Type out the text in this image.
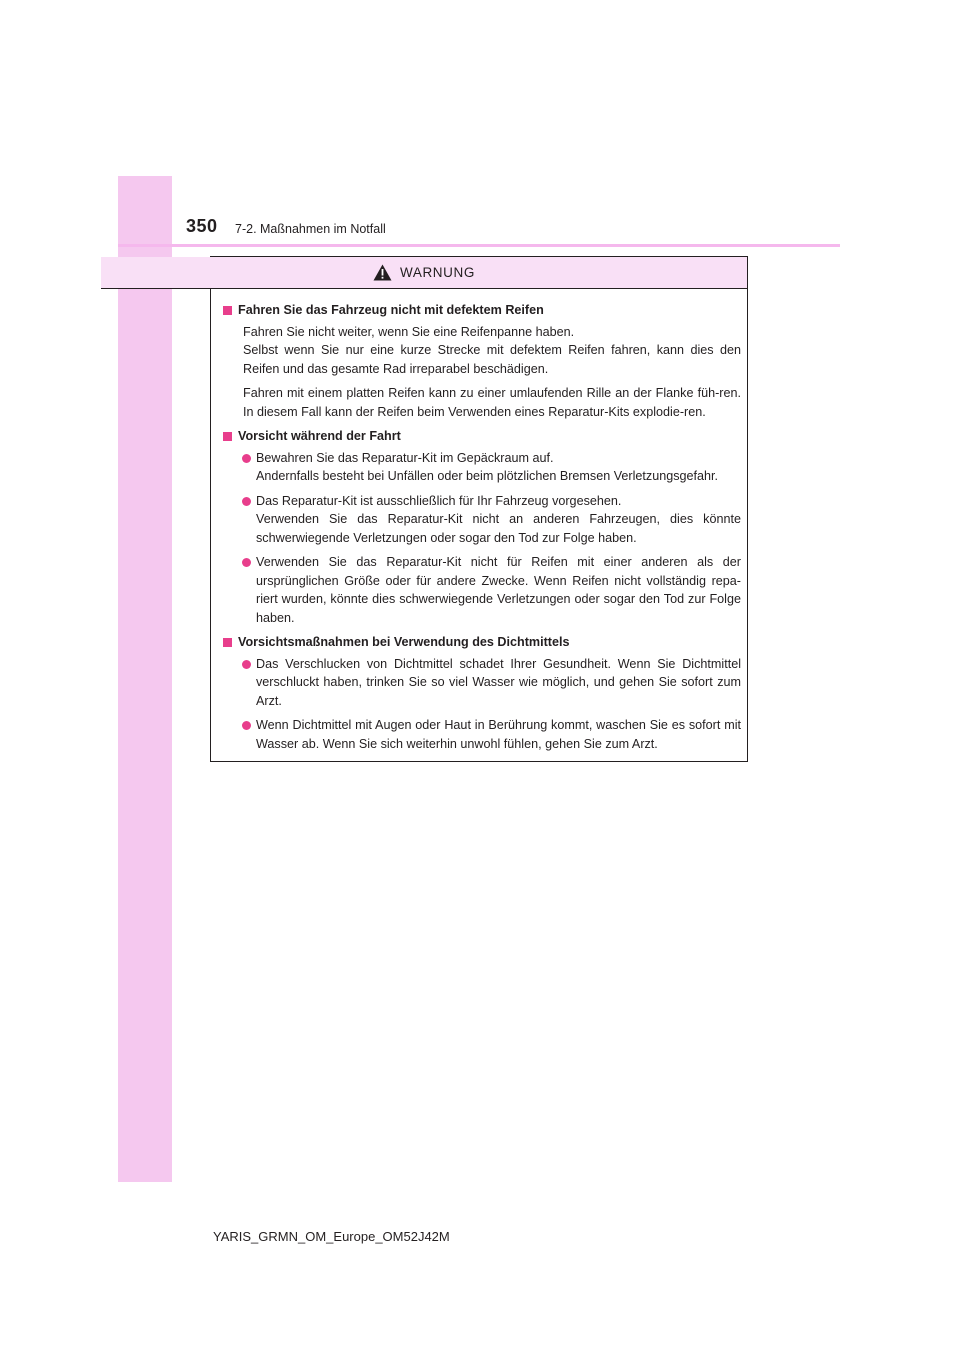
350 7-2. Maßnahmen im Notfall
WARNUNG
Fahren Sie das Fahrzeug nicht mit defektem Reifen
Fahren Sie nicht weiter, wenn Sie eine Reifenpanne haben.
Selbst wenn Sie nur eine kurze Strecke mit defektem Reifen fahren, kann dies den Reifen und das gesamte Rad irreparabel beschädigen.
Fahren mit einem platten Reifen kann zu einer umlaufenden Rille an der Flanke füh-ren. In diesem Fall kann der Reifen beim Verwenden eines Reparatur-Kits explodie-ren.
Vorsicht während der Fahrt
Bewahren Sie das Reparatur-Kit im Gepäckraum auf.
Andernfalls besteht bei Unfällen oder beim plötzlichen Bremsen Verletzungsgefahr.
Das Reparatur-Kit ist ausschließlich für Ihr Fahrzeug vorgesehen.
Verwenden Sie das Reparatur-Kit nicht an anderen Fahrzeugen, dies könnte schwerwiegende Verletzungen oder sogar den Tod zur Folge haben.
Verwenden Sie das Reparatur-Kit nicht für Reifen mit einer anderen als der ursprünglichen Größe oder für andere Zwecke. Wenn Reifen nicht vollständig repa-riert wurden, könnte dies schwerwiegende Verletzungen oder sogar den Tod zur Folge haben.
Vorsichtsmaßnahmen bei Verwendung des Dichtmittels
Das Verschlucken von Dichtmittel schadet Ihrer Gesundheit. Wenn Sie Dichtmittel verschluckt haben, trinken Sie so viel Wasser wie möglich, und gehen Sie sofort zum Arzt.
Wenn Dichtmittel mit Augen oder Haut in Berührung kommt, waschen Sie es sofort mit Wasser ab. Wenn Sie sich weiterhin unwohl fühlen, gehen Sie zum Arzt.
YARIS_GRMN_OM_Europe_OM52J42M
